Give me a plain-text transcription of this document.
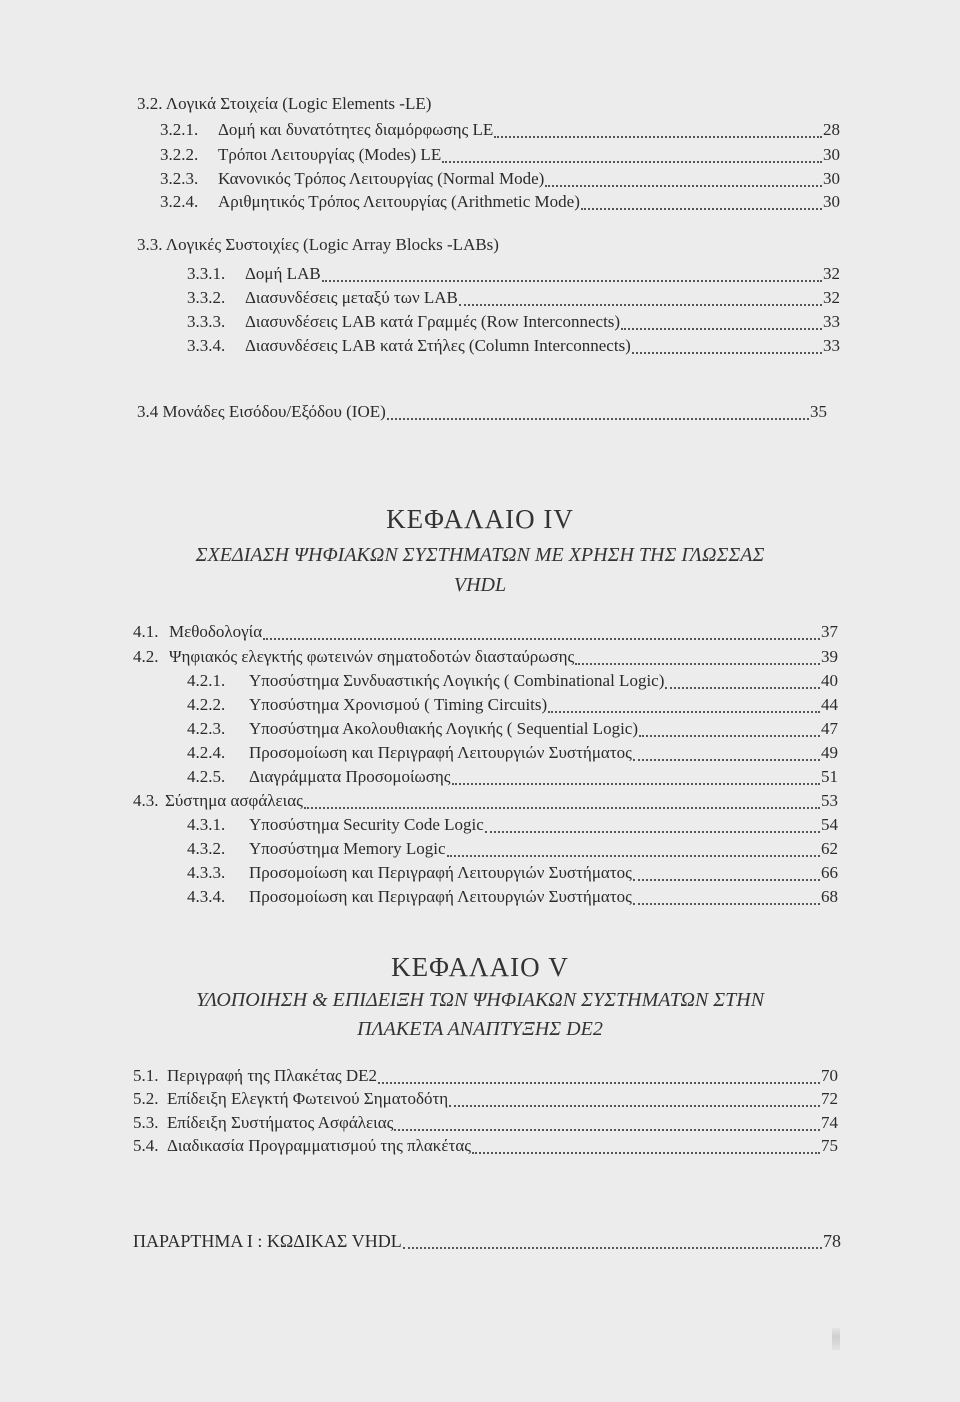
3.2. Λογικά Στοιχεία (Logic Elements -LE)
3.2.1.	Δομή και δυνατότητες διαμόρφωσης LE	28
3.2.2.	Τρόποι Λειτουργίας (Modes) LE	30
3.2.3.	Κανονικός Τρόπος Λειτουργίας (Normal Mode)	30
3.2.4.	Αριθμητικός Τρόπος Λειτουργίας (Arithmetic Mode)	30
3.3. Λογικές Συστοιχίες (Logic Array Blocks -LABs)
3.3.1.	Δομή LAB	32
3.3.2.	Διασυνδέσεις μεταξύ των LAB	32
3.3.3.	Διασυνδέσεις LAB κατά Γραμμές (Row Interconnects)	33
3.3.4.	Διασυνδέσεις LAB κατά Στήλες (Column Interconnects)	33
3.4 Μονάδες Εισόδου/Εξόδου (IOE)	35
ΚΕΦΑΛΑΙΟ IV
ΣΧΕΔΙΑΣΗ ΨΗΦΙΑΚΩΝ ΣΥΣΤΗΜΑΤΩΝ ΜΕ ΧΡΗΣΗ ΤΗΣ ΓΛΩΣΣΑΣ
VHDL
4.1. Μεθοδολογία	37
4.2. Ψηφιακός ελεγκτής φωτεινών σηματοδοτών διασταύρωσης	39
4.2.1.	Υποσύστημα Συνδυαστικής Λογικής ( Combinational Logic)	40
4.2.2.	Υποσύστημα Χρονισμού ( Timing Circuits)	44
4.2.3.	Υποσύστημα Ακολουθιακής Λογικής ( Sequential Logic)	47
4.2.4.	Προσομοίωση και Περιγραφή Λειτουργιών Συστήματος	49
4.2.5.	Διαγράμματα Προσομοίωσης	51
4.3. Σύστημα ασφάλειας	53
4.3.1.	Υποσύστημα Security Code Logic	54
4.3.2.	Υποσύστημα Memory Logic	62
4.3.3.	Προσομοίωση και Περιγραφή Λειτουργιών Συστήματος	66
4.3.4.	Προσομοίωση και Περιγραφή Λειτουργιών Συστήματος	68
ΚΕΦΑΛΑΙΟ V
ΥΛΟΠΟΙΗΣΗ & ΕΠΙΔΕΙΞΗ ΤΩΝ ΨΗΦΙΑΚΩΝ ΣΥΣΤΗΜΑΤΩΝ ΣΤΗΝ
ΠΛΑΚΕΤΑ ΑΝΑΠΤΥΞΗΣ DE2
5.1. Περιγραφή της Πλακέτας DE2	70
5.2. Επίδειξη Ελεγκτή Φωτεινού Σηματοδότη	72
5.3. Επίδειξη Συστήματος Ασφάλειας	74
5.4. Διαδικασία Προγραμματισμού της πλακέτας	75
ΠΑΡΑΡΤΗΜΑ Ι : ΚΩΔΙΚΑΣ VHDL	78
